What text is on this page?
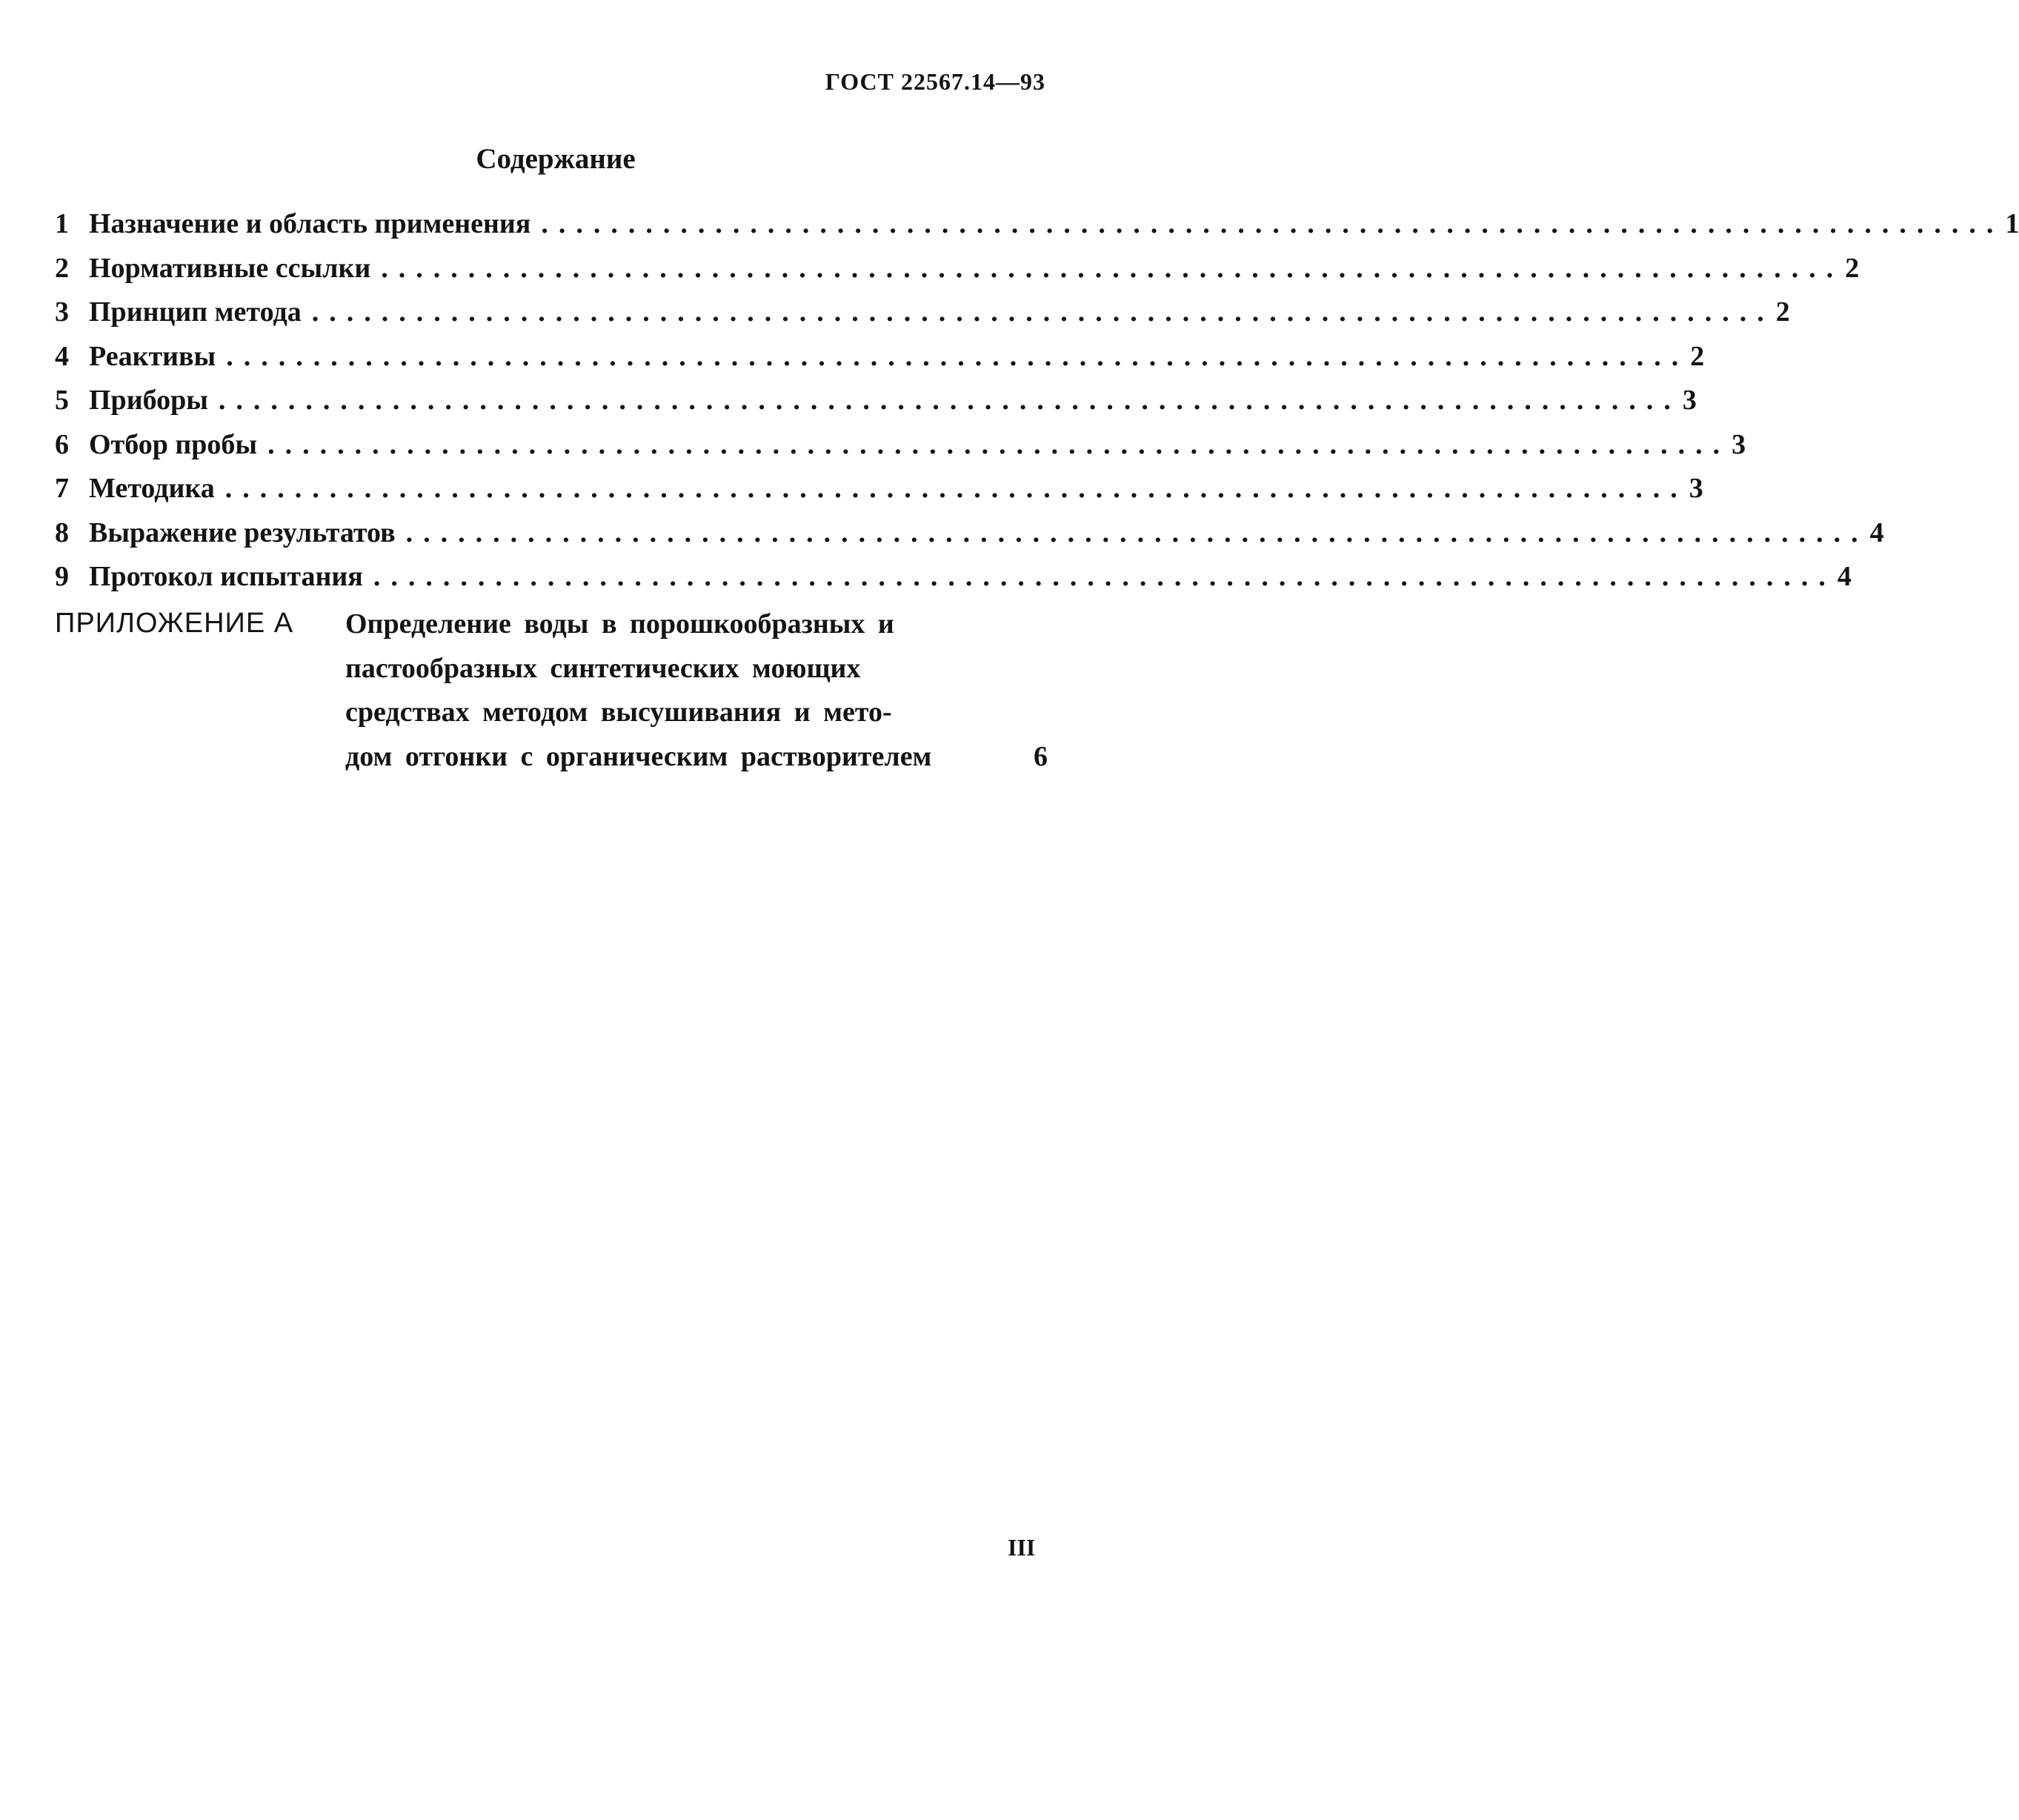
ГОСТ 22567.14—93
Содержание
1 Назначение и область применения .................................................................................... 1
2 Нормативные ссылки .................................................................................... 2
3 Принцип метода .................................................................................... 2
4 Реактивы .................................................................................... 2
5 Приборы .................................................................................... 3
6 Отбор пробы .................................................................................... 3
7 Методика .................................................................................... 3
8 Выражение результатов .................................................................................... 4
9 Протокол испытания .................................................................................... 4
ПРИЛОЖЕНИЕ А Определение воды в порошкообразных и
пастообразных синтетических моющих
средствах методом высушивания и мето-
дом отгонки с органическим растворителем	6
III
